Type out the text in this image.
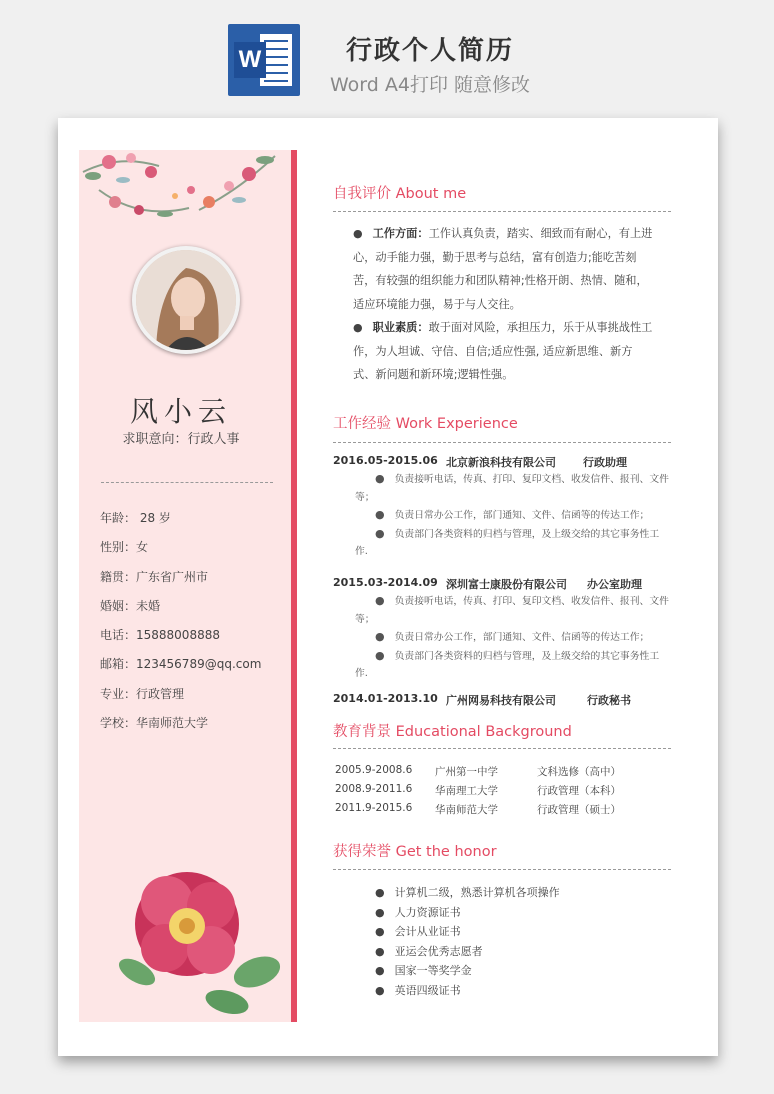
W	行政个人简历
Word A4打印 随意修改
风小云
求职意向：行政人事
年龄： 28 岁
性别：女
籍贯：广东省广州市
婚姻：未婚
电话：15888008888
邮箱：123456789@qq.com
专业：行政管理
学校：华南师范大学
自我评价 About me
● 工作方面：工作认真负责，踏实、细致而有耐心，有上进心，动手能力强，勤于思考与总结，富有创造力;能吃苦刻苦，有较强的组织能力和团队精神;性格开朗、热情、随和，适应环境能力强，易于与人交往。
● 职业素质：敢于面对风险，承担压力，乐于从事挑战性工作，为人坦诚、守信、自信;适应性强, 适应新思维、新方式、新问题和新环境;逻辑性强。
工作经验 Work Experience
2016.05-2015.06 北京新浪科技有限公司 行政助理
● 负责接听电话，传真、打印、复印文档、收发信件、报刊、文件等；
● 负责日常办公工作，部门通知、文件、信函等的传达工作；
● 负责部门各类资料的归档与管理，及上级交给的其它事务性工作.
2015.03-2014.09 深圳富士康股份有限公司 办公室助理
● 负责接听电话，传真、打印、复印文档、收发信件、报刊、文件等；
● 负责日常办公工作，部门通知、文件、信函等的传达工作；
● 负责部门各类资料的归档与管理，及上级交给的其它事务性工作.
2014.01-2013.10 广州网易科技有限公司	行政秘书
教育背景 Educational Background
2005.9-2008.6 广州第一中学	文科选修（高中）
2008.9-2011.6 华南理工大学	行政管理（本科）
2011.9-2015.6 华南师范大学	行政管理（硕士）
获得荣誉 Get the honor
● 计算机二级，熟悉计算机各项操作
● 人力资源证书
● 会计从业证书
● 亚运会优秀志愿者
● 国家一等奖学金
● 英语四级证书
